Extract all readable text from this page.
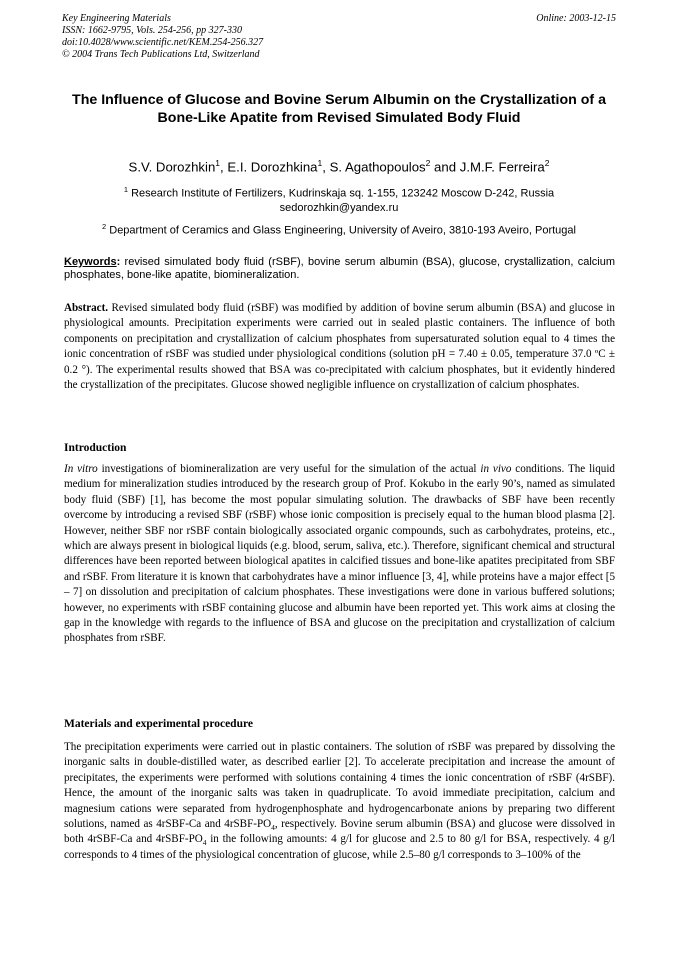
Key Engineering Materials
ISSN: 1662-9795, Vols. 254-256, pp 327-330
doi:10.4028/www.scientific.net/KEM.254-256.327
© 2004 Trans Tech Publications Ltd, Switzerland
Online: 2003-12-15
The Influence of Glucose and Bovine Serum Albumin on the Crystallization of a Bone-Like Apatite from Revised Simulated Body Fluid
S.V. Dorozhkin$^1$, E.I. Dorozhkina$^1$, S. Agathopoulos$^2$ and J.M.F. Ferreira$^2$
$^1$ Research Institute of Fertilizers, Kudrinskaja sq. 1-155, 123242 Moscow D-242, Russia
sedorozhkin@yandex.ru
$^2$ Department of Ceramics and Glass Engineering, University of Aveiro, 3810-193 Aveiro, Portugal
Keywords: revised simulated body fluid (rSBF), bovine serum albumin (BSA), glucose, crystallization, calcium phosphates, bone-like apatite, biomineralization.
Abstract. Revised simulated body fluid (rSBF) was modified by addition of bovine serum albumin (BSA) and glucose in physiological amounts. Precipitation experiments were carried out in sealed plastic containers. The influence of both components on precipitation and crystallization of calcium phosphates from supersaturated solution equal to 4 times the ionic concentration of rSBF was studied under physiological conditions (solution pH = 7.40 ± 0.05, temperature 37.0 ºC ± 0.2 °). The experimental results showed that BSA was co-precipitated with calcium phosphates, but it evidently hindered the crystallization of the precipitates. Glucose showed negligible influence on crystallization of calcium phosphates.
Introduction
In vitro investigations of biomineralization are very useful for the simulation of the actual in vivo conditions. The liquid medium for mineralization studies introduced by the research group of Prof. Kokubo in the early 90’s, named as simulated body fluid (SBF) [1], has become the most popular simulating solution. The drawbacks of SBF have been recently overcome by introducing a revised SBF (rSBF) whose ionic composition is precisely equal to the human blood plasma [2]. However, neither SBF nor rSBF contain biologically associated organic compounds, such as carbohydrates, proteins, etc., which are always present in biological liquids (e.g. blood, serum, saliva, etc.). Therefore, significant chemical and structural differences have been reported between biological apatites in calcified tissues and bone-like apatites precipitated from SBF and rSBF. From literature it is known that carbohydrates have a minor influence [3, 4], while proteins have a major effect [5 – 7] on dissolution and precipitation of calcium phosphates. These investigations were done in various buffered solutions; however, no experiments with rSBF containing glucose and albumin have been reported yet. This work aims at closing the gap in the knowledge with regards to the influence of BSA and glucose on the precipitation and crystallization of calcium phosphates from rSBF.
Materials and experimental procedure
The precipitation experiments were carried out in plastic containers. The solution of rSBF was prepared by dissolving the inorganic salts in double-distilled water, as described earlier [2]. To accelerate precipitation and increase the amount of precipitates, the experiments were performed with solutions containing 4 times the ionic concentration of rSBF (4rSBF). Hence, the amount of the inorganic salts was taken in quadruplicate. To avoid immediate precipitation, calcium and magnesium cations were separated from hydrogenphosphate and hydrogencarbonate anions by preparing two different solutions, named as 4rSBF-Ca and $4rSBF-PO_4$, respectively. Bovine serum albumin (BSA) and glucose were dissolved in both 4rSBF-Ca and $4rSBF-PO_4$ in the following amounts: 4 g/l for glucose and 2.5 to 80 g/l for BSA, respectively. 4 g/l corresponds to 4 times of the physiological concentration of glucose, while 2.5–80 g/l corresponds to 3–100% of the
